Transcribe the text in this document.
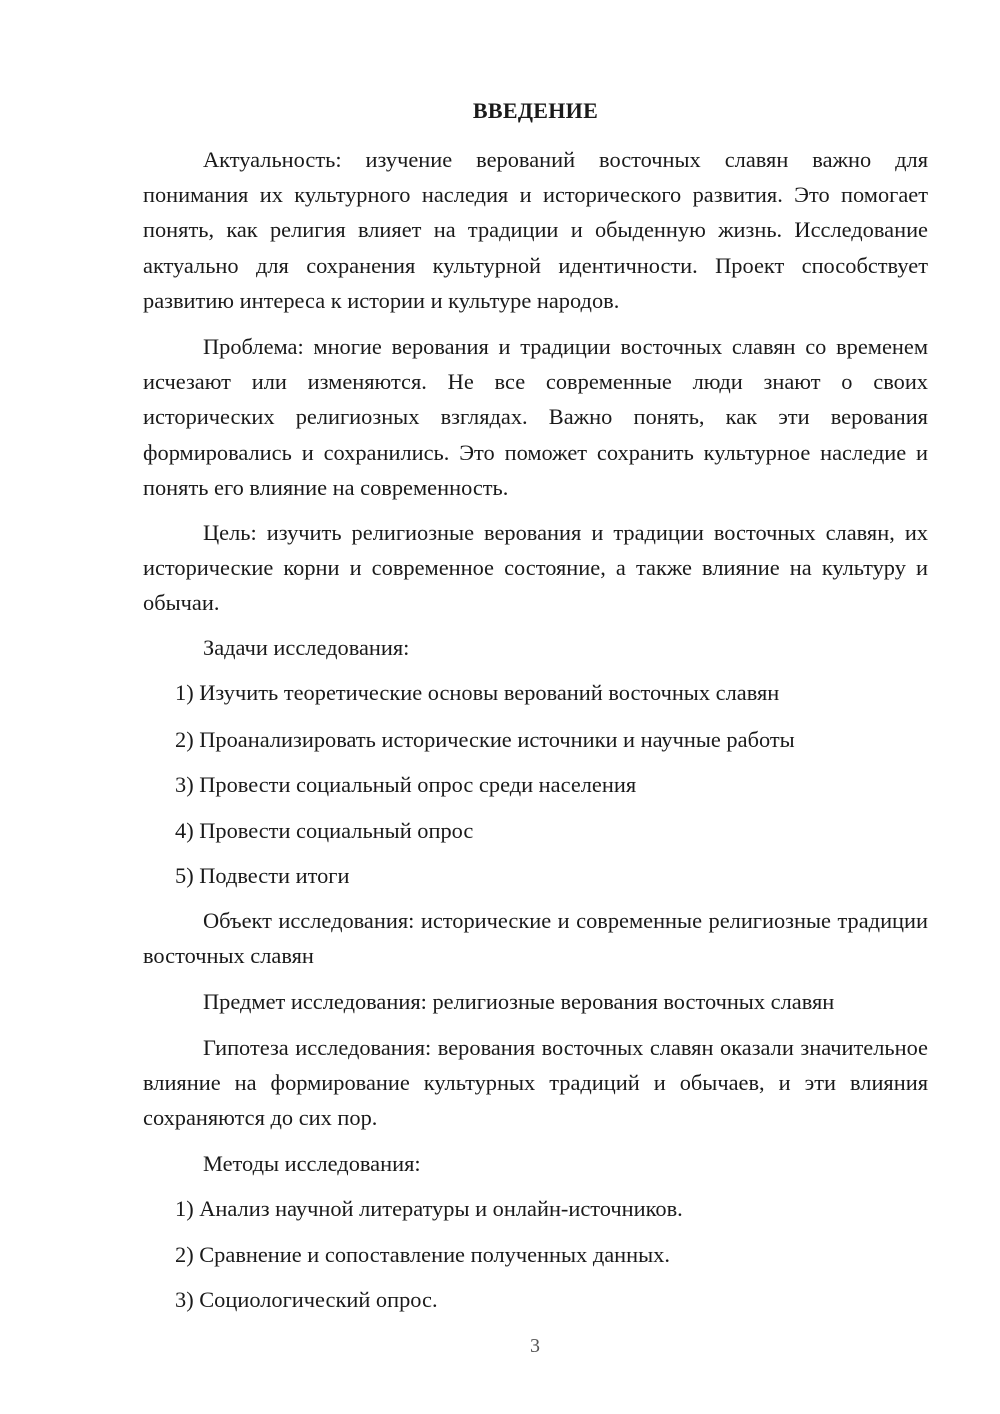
ВВЕДЕНИЕ

Актуальность: изучение верований восточных славян важно для понимания их культурного наследия и исторического развития. Это помогает понять, как религия влияет на традиции и обыденную жизнь. Исследование актуально для сохранения культурной идентичности. Проект способствует развитию интереса к истории и культуре народов.

Проблема: многие верования и традиции восточных славян со временем исчезают или изменяются. Не все современные люди знают о своих исторических религиозных взглядах. Важно понять, как эти верования формировались и сохранились. Это поможет сохранить культурное наследие и понять его влияние на современность.

Цель: изучить религиозные верования и традиции восточных славян, их исторические корни и современное состояние, а также влияние на культуру и обычаи.

Задачи исследования:
1) Изучить теоретические основы верований восточных славян
2) Проанализировать исторические источники и научные работы
3) Провести социальный опрос среди населения
4) Провести социальный опрос
5) Подвести итоги

Объект исследования: исторические и современные религиозные традиции восточных славян

Предмет исследования: религиозные верования восточных славян

Гипотеза исследования: верования восточных славян оказали значительное влияние на формирование культурных традиций и обычаев, и эти влияния сохраняются до сих пор.

Методы исследования:
1) Анализ научной литературы и онлайн-источников.
2) Сравнение и сопоставление полученных данных.
3) Социологический опрос.
3
